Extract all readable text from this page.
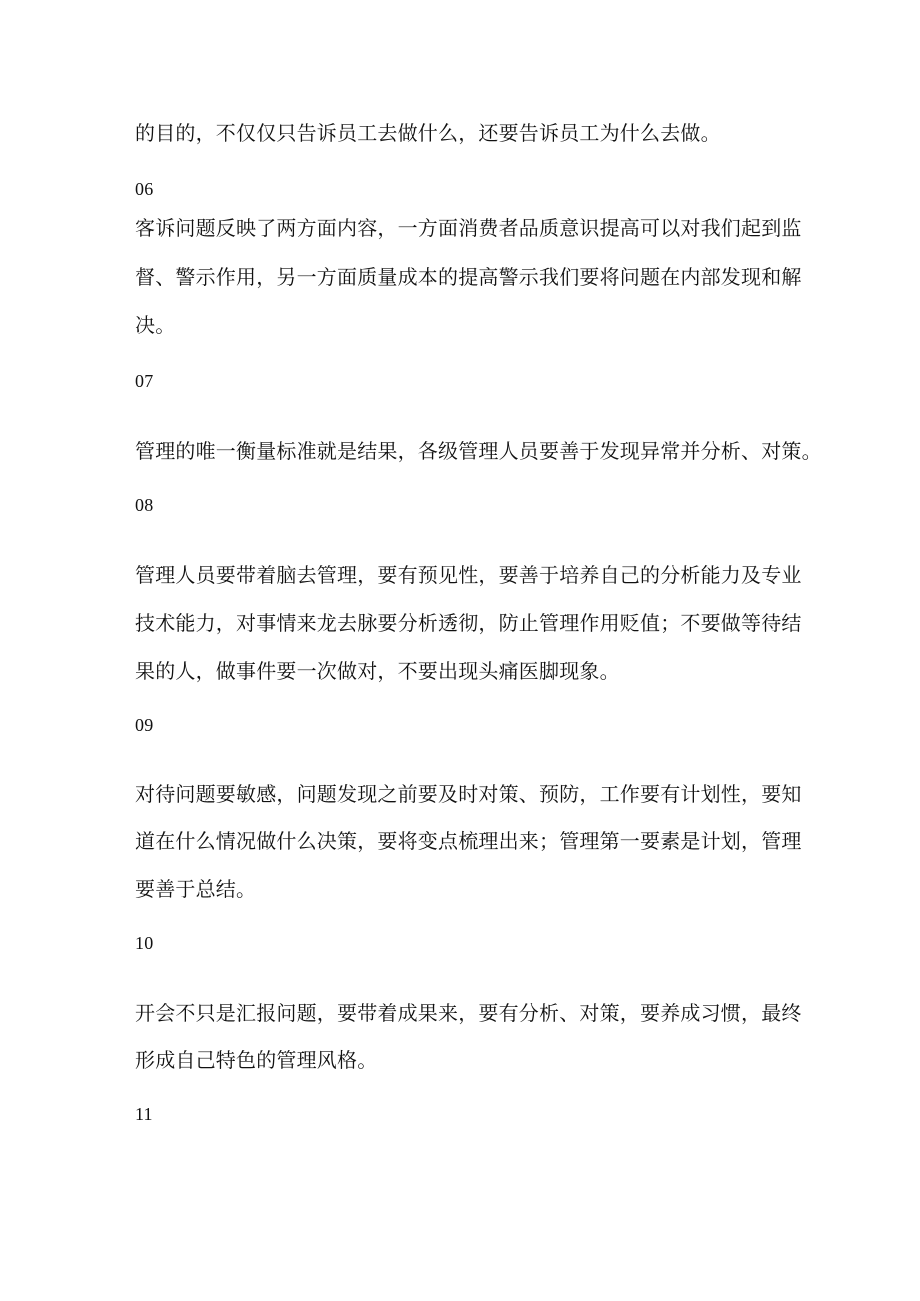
的目的，不仅仅只告诉员工去做什么，还要告诉员工为什么去做。
06
客诉问题反映了两方面内容，一方面消费者品质意识提高可以对我们起到监
督、警示作用，另一方面质量成本的提高警示我们要将问题在内部发现和解
决。
07
管理的唯一衡量标准就是结果，各级管理人员要善于发现异常并分析、对策。
08
管理人员要带着脑去管理，要有预见性，要善于培养自己的分析能力及专业
技术能力，对事情来龙去脉要分析透彻，防止管理作用贬值；不要做等待结
果的人，做事件要一次做对，不要出现头痛医脚现象。
09
对待问题要敏感，问题发现之前要及时对策、预防，工作要有计划性，要知
道在什么情况做什么决策，要将变点梳理出来；管理第一要素是计划，管理
要善于总结。
10
开会不只是汇报问题，要带着成果来，要有分析、对策，要养成习惯，最终
形成自己特色的管理风格。
11
